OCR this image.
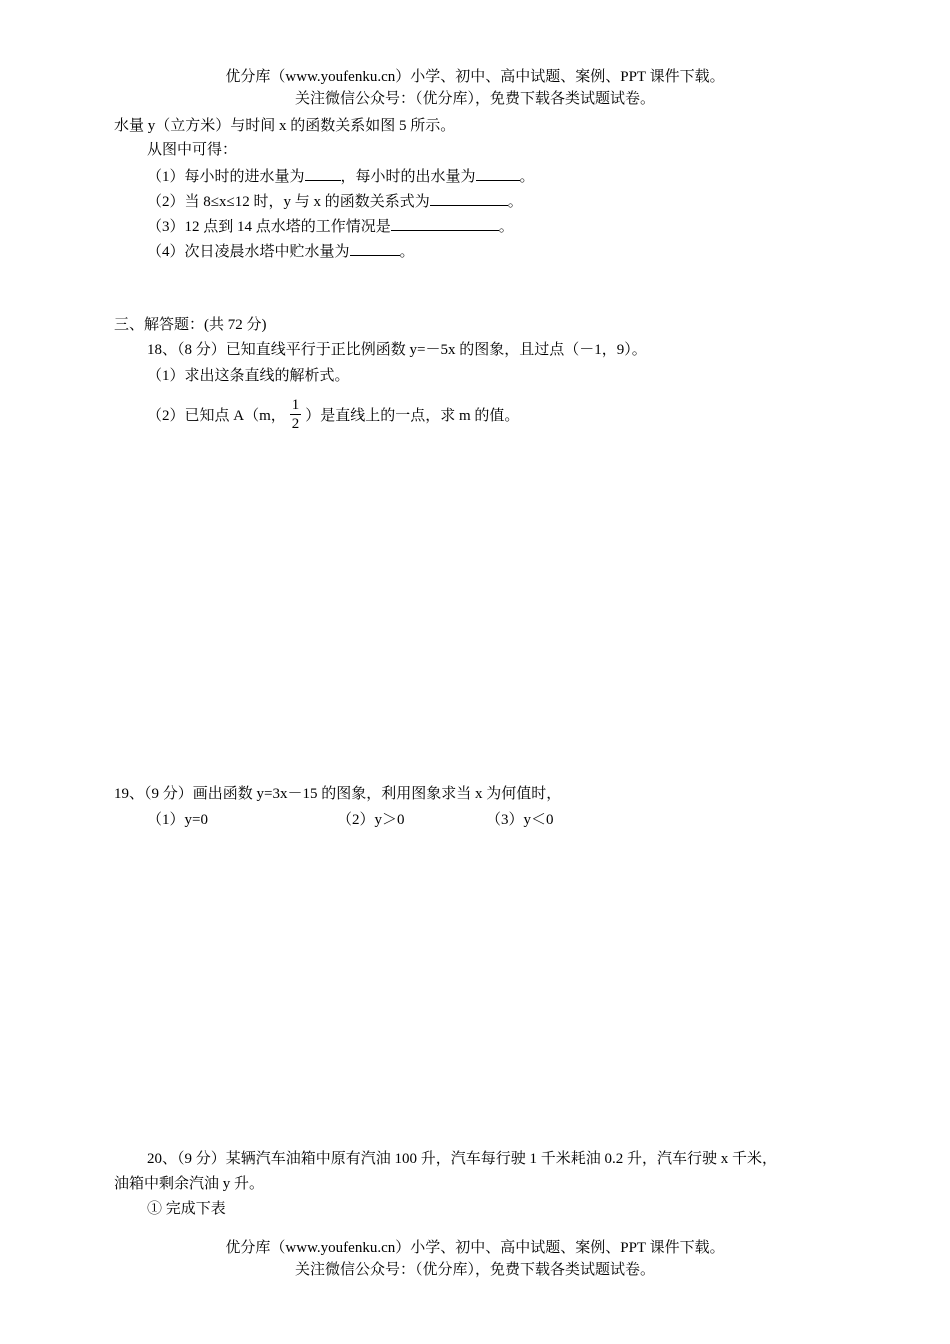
优分库（www.youfenku.cn）小学、初中、高中试题、案例、PPT 课件下载。
关注微信公众号：（优分库），免费下载各类试题试卷。
水量 y（立方米）与时间 x 的函数关系如图 5 所示。
从图中可得：
（1）每小时的进水量为 ，每小时的出水量为	。
（2）当 8≤x≤12 时，y 与 x 的函数关系式为	。
（3）12 点到 14 点水塔的工作情况是	。
（4）次日凌晨水塔中贮水量为	。
三、解答题：(共 72 分)
18、（8 分）已知直线平行于正比例函数 y=－5x 的图象，且过点（－1，9）。
（1）求出这条直线的解析式。
（2）已知点 A（m， $\frac{1}{2}$ ）是直线上的一点，求 m 的值。
19、（9 分）画出函数 y=3x－15 的图象，利用图象求当 x 为何值时，
（1）y=0	（2）y＞0	（3）y＜0
20、（9 分）某辆汽车油箱中原有汽油 100 升，汽车每行驶 1 千米耗油 0.2 升，汽车行驶 x 千米，
油箱中剩余汽油 y 升。
① 完成下表
优分库（www.youfenku.cn）小学、初中、高中试题、案例、PPT 课件下载。
关注微信公众号：（优分库），免费下载各类试题试卷。
